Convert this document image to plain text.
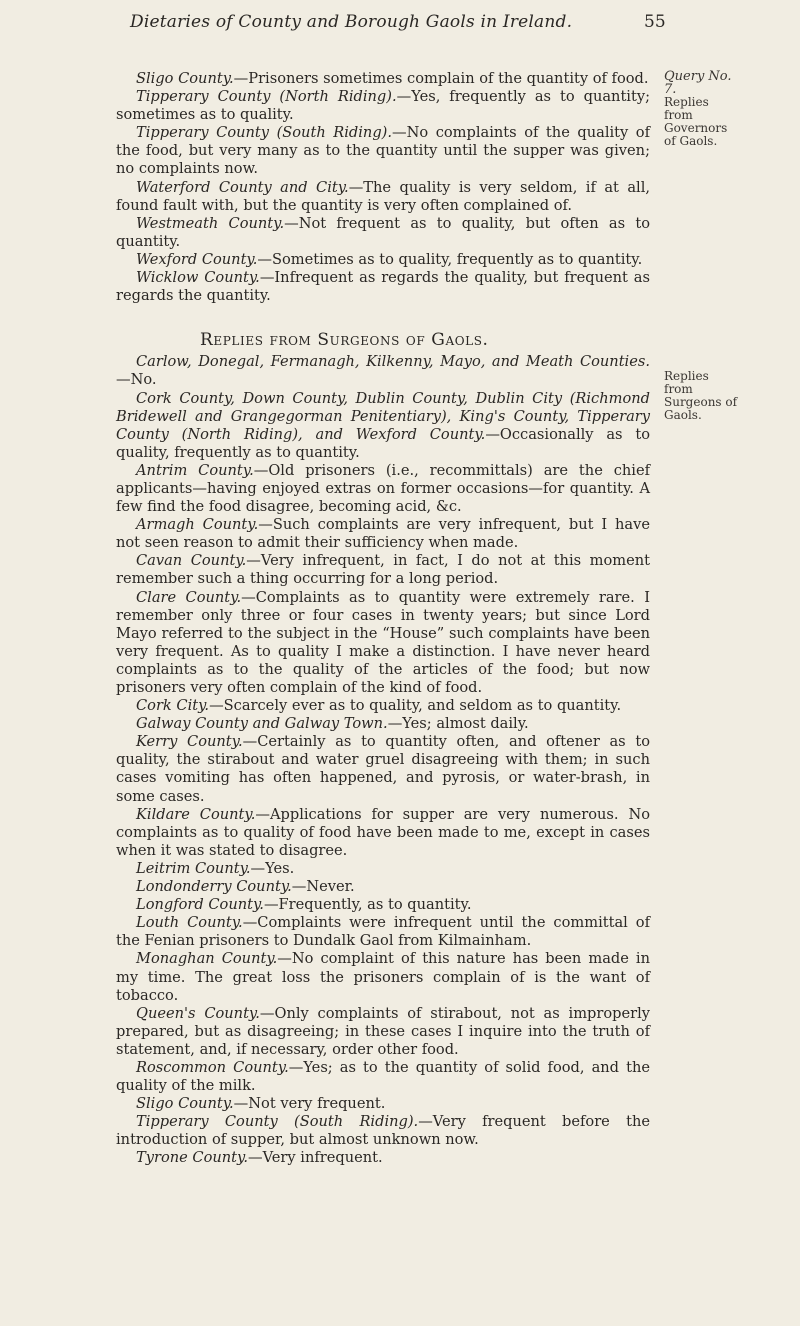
Dietaries of County and Borough Gaols in Ireland.	55
Query No. 7.
Replies from Governors of Gaols.
Replies from Surgeons of Gaols.

Sligo County.—Prisoners sometimes complain of the quantity of food.

Tipperary County (North Riding).—Yes, frequently as to quantity; sometimes as to quality.

Tipperary County (South Riding).—No complaints of the quality of the food, but very many as to the quantity until the supper was given; no complaints now.

Waterford County and City.—The quality is very seldom, if at all, found fault with, but the quantity is very often complained of.

Westmeath County.—Not frequent as to quality, but often as to quantity.

Wexford County.—Sometimes as to quality, frequently as to quantity.

Wicklow County.—Infrequent as regards the quality, but frequent as regards the quantity.

Replies from Surgeons of Gaols.

Carlow, Donegal, Fermanagh, Kilkenny, Mayo, and Meath Counties.—No.

Cork County, Down County, Dublin County, Dublin City (Richmond Bridewell and Grangegorman Penitentiary), King's County, Tipperary County (North Riding), and Wexford County.—Occasionally as to quality, frequently as to quantity.

Antrim County.—Old prisoners (i.e., recommittals) are the chief applicants—having enjoyed extras on former occasions—for quantity. A few find the food disagree, becoming acid, &c.

Armagh County.—Such complaints are very infrequent, but I have not seen reason to admit their sufficiency when made.

Cavan County.—Very infrequent, in fact, I do not at this moment remember such a thing occurring for a long period.

Clare County.—Complaints as to quantity were extremely rare. I remember only three or four cases in twenty years; but since Lord Mayo referred to the subject in the “House” such complaints have been very frequent. As to quality I make a distinction. I have never heard complaints as to the quality of the articles of the food; but now prisoners very often complain of the kind of food.

Cork City.—Scarcely ever as to quality, and seldom as to quantity.

Galway County and Galway Town.—Yes; almost daily.

Kerry County.—Certainly as to quantity often, and oftener as to quality, the stirabout and water gruel disagreeing with them; in such cases vomiting has often happened, and pyrosis, or water-brash, in some cases.

Kildare County.—Applications for supper are very numerous. No complaints as to quality of food have been made to me, except in cases when it was stated to disagree.

Leitrim County.—Yes.

Londonderry County.—Never.

Longford County.—Frequently, as to quantity.

Louth County.—Complaints were infrequent until the committal of the Fenian prisoners to Dundalk Gaol from Kilmainham.

Monaghan County.—No complaint of this nature has been made in my time. The great loss the prisoners complain of is the want of tobacco.

Queen's County.—Only complaints of stirabout, not as improperly prepared, but as disagreeing; in these cases I inquire into the truth of statement, and, if necessary, order other food.

Roscommon County.—Yes; as to the quantity of solid food, and the quality of the milk.

Sligo County.—Not very frequent.

Tipperary County (South Riding).—Very frequent before the introduction of supper, but almost unknown now.

Tyrone County.—Very infrequent.
